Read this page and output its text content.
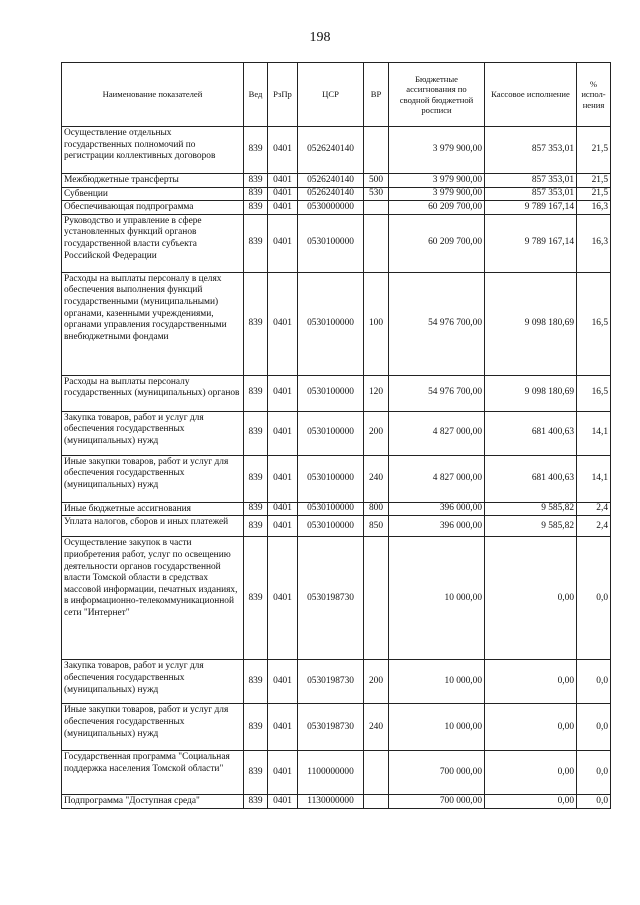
198
Наименование показателей	Вед	РзПр	ЦСР	ВР	Бюджетные ассигнования по сводной бюджетной росписи	Кассовое исполнение	% испол-нения
Осуществление отдельных государственных полномочий по регистрации коллективных договоров	839	0401	0526240140		3 979 900,00	857 353,01	21,5
Межбюджетные трансферты	839	0401	0526240140	500	3 979 900,00	857 353,01	21,5
Субвенции	839	0401	0526240140	530	3 979 900,00	857 353,01	21,5
Обеспечивающая подпрограмма	839	0401	0530000000		60 209 700,00	9 789 167,14	16,3
Руководство и управление в сфере установленных функций органов государственной власти субъекта Российской Федерации	839	0401	0530100000		60 209 700,00	9 789 167,14	16,3
Расходы на выплаты персоналу в целях обеспечения выполнения функций государственными (муниципальными) органами, казенными учреждениями, органами управления государственными внебюджетными фондами	839	0401	0530100000	100	54 976 700,00	9 098 180,69	16,5
Расходы на выплаты персоналу государственных (муниципальных) органов	839	0401	0530100000	120	54 976 700,00	9 098 180,69	16,5
Закупка товаров, работ и услуг для обеспечения государственных (муниципальных) нужд	839	0401	0530100000	200	4 827 000,00	681 400,63	14,1
Иные закупки товаров, работ и услуг для обеспечения государственных (муниципальных) нужд	839	0401	0530100000	240	4 827 000,00	681 400,63	14,1
Иные бюджетные ассигнования	839	0401	0530100000	800	396 000,00	9 585,82	2,4
Уплата налогов, сборов и иных платежей	839	0401	0530100000	850	396 000,00	9 585,82	2,4
Осуществление закупок в части приобретения работ, услуг по освещению деятельности органов государственной власти Томской области в средствах массовой информации, печатных изданиях, в информационно-телекоммуникационной сети "Интернет"	839	0401	0530198730		10 000,00	0,00	0,0
Закупка товаров, работ и услуг для обеспечения государственных (муниципальных) нужд	839	0401	0530198730	200	10 000,00	0,00	0,0
Иные закупки товаров, работ и услуг для обеспечения государственных (муниципальных) нужд	839	0401	0530198730	240	10 000,00	0,00	0,0
Государственная программа "Социальная поддержка населения Томской области"	839	0401	1100000000		700 000,00	0,00	0,0
Подпрограмма "Доступная среда"	839	0401	1130000000		700 000,00	0,00	0,0
